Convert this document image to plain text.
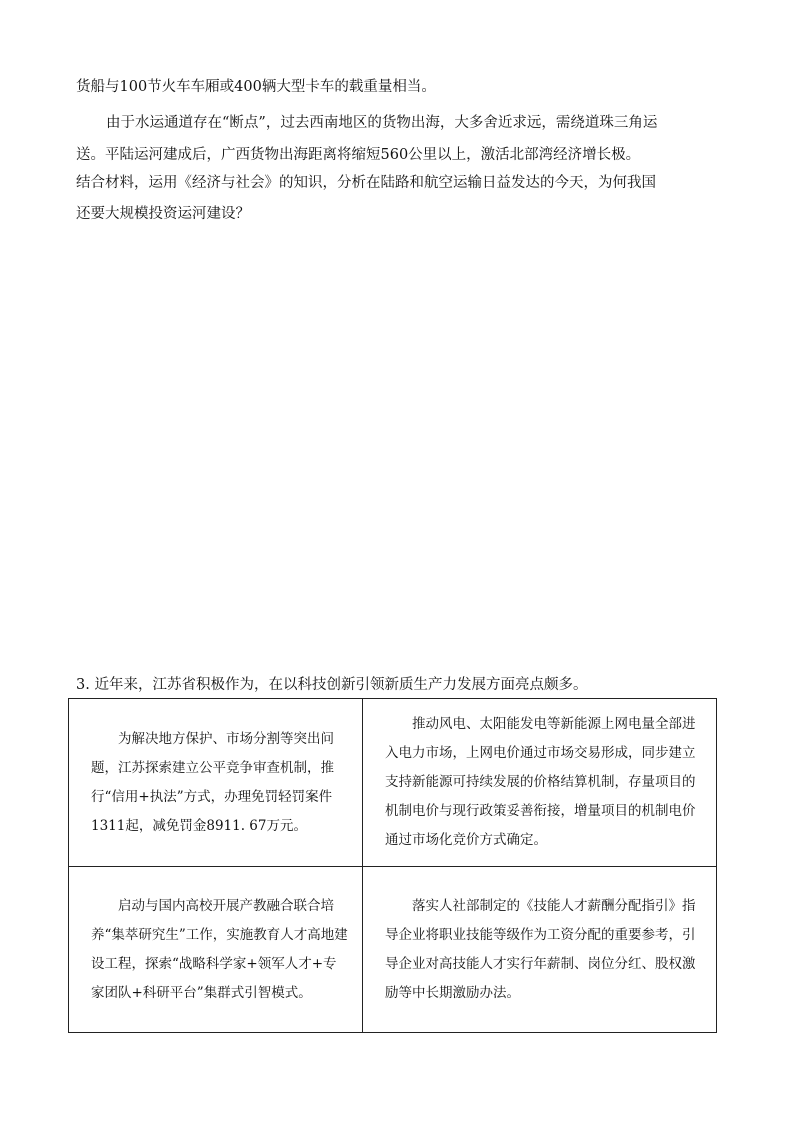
货船与100节火车车厢或400辆大型卡车的载重量相当。
由于水运通道存在“断点”，过去西南地区的货物出海，大多舍近求远，需绕道珠三角运
送。平陆运河建成后，广西货物出海距离将缩短560公里以上，激活北部湾经济增长极。
结合材料，运用《经济与社会》的知识，分析在陆路和航空运输日益发达的今天，为何我国
还要大规模投资运河建设？
3. 近年来，江苏省积极作为，在以科技创新引领新质生产力发展方面亮点颇多。

为解决地方保护、市场分割等突出问题，江苏探索建立公平竞争审查机制，推行“信用+执法”方式，办理免罚轻罚案件1311起，减免罚金8911. 67万元。	推动风电、太阳能发电等新能源上网电量全部进入电力市场，上网电价通过市场交易形成，同步建立支持新能源可持续发展的价格结算机制，存量项目的机制电价与现行政策妥善衔接，增量项目的机制电价通过市场化竞价方式确定。

启动与国内高校开展产教融合联合培养“集萃研究生”工作，实施教育人才高地建设工程，探索“战略科学家+领军人才+专家团队+科研平台”集群式引智模式。	落实人社部制定的《技能人才薪酬分配指引》指导企业将职业技能等级作为工资分配的重要参考，引导企业对高技能人才实行年薪制、岗位分红、股权激励等中长期激励办法。
